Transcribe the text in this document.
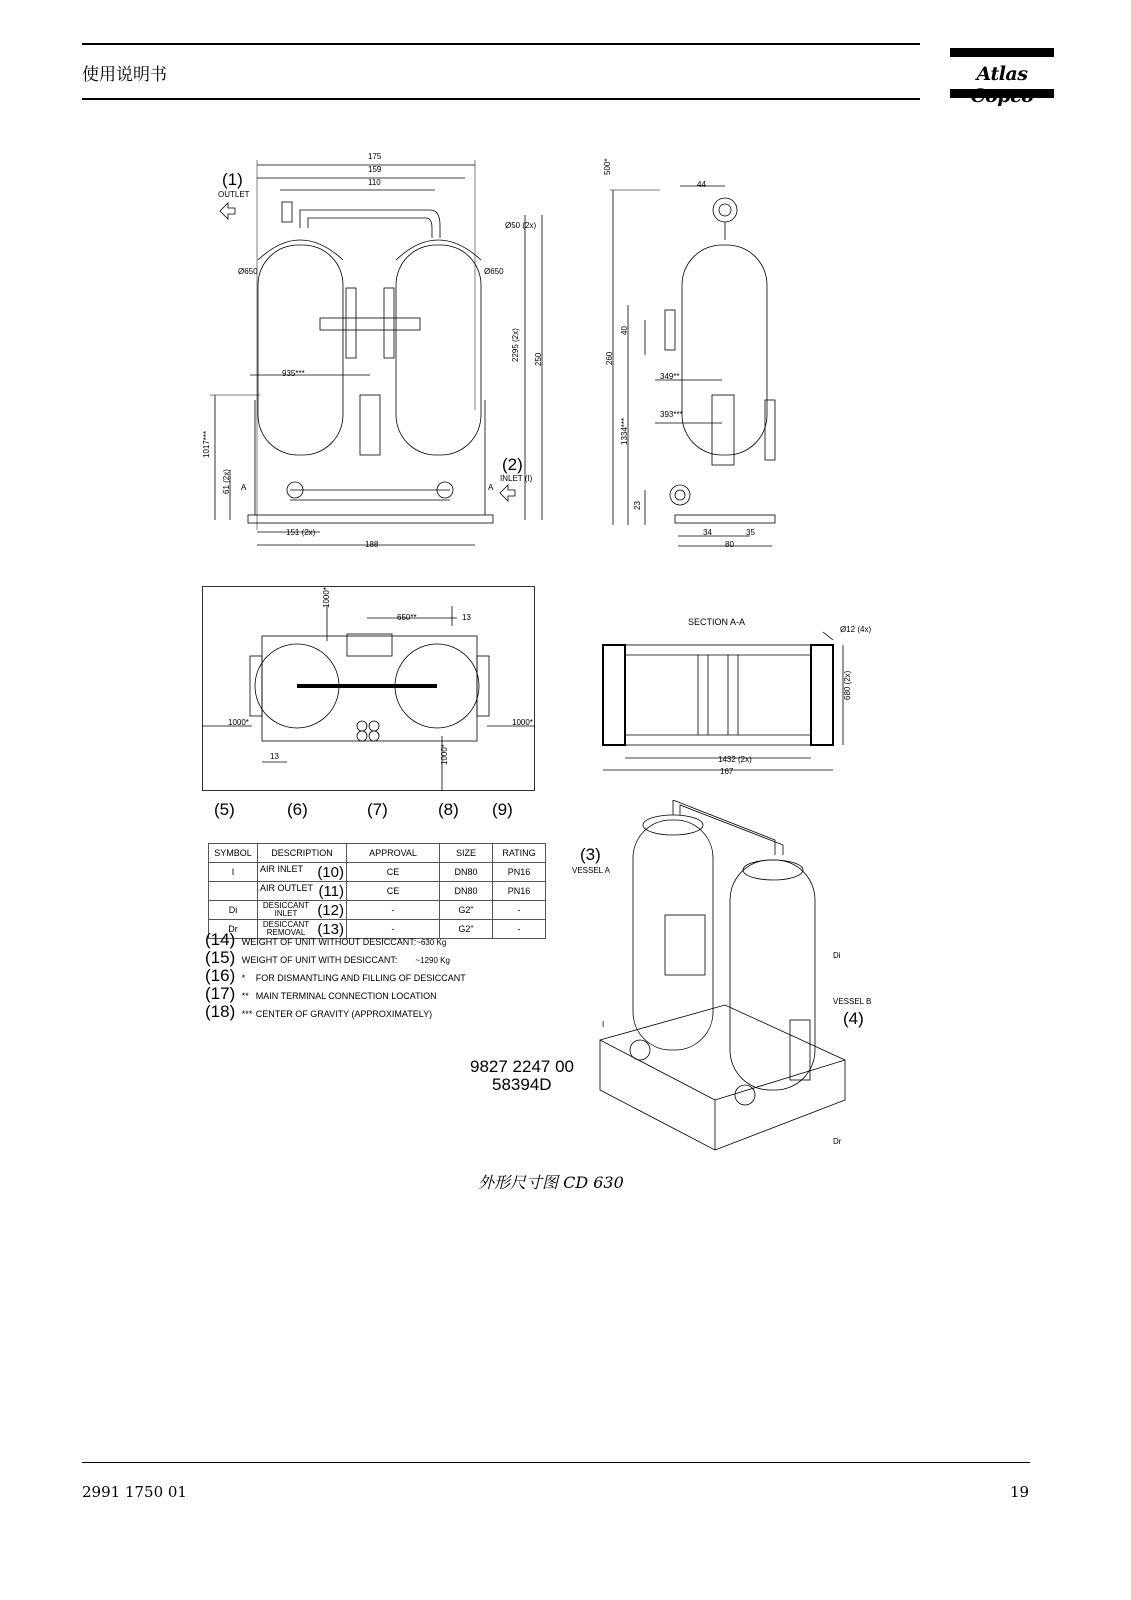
使用说明书	Atlas
(1)
OUTLET
(2)
INLET (I)
175
159
110
Ø50 (2x)
Ø650	Ø650
935***
2295 (2x) 250
1017***
61 (2x) A	A
151 (2x)
188
500*
44
40
260
349**
393***
1334***
23
34	35
80
1000*
650**	13
1000*	1000*
13	1000*
SECTION A-A
Ø12 (4x)
680 (2x)
1432 (2x)
167
(5)	(6)	(7)	(8) (9)
SYMBOL	DESCRIPTION	APPROVAL	SIZE	RATING
I	AIR INLET (10)	CE	DN80	PN16
	AIR OUTLET (11)	CE	DN80	PN16
Di	DESICCANT INLET (12)	-	G2"	-
Dr	DESICCANT REMOVAL (13)	-	G2"	-
(14) WEIGHT OF UNIT WITHOUT DESICCANT:~630 Kg
(15) WEIGHT OF UNIT WITH DESICCANT: ~1290 Kg
(16) * FOR DISMANTLING AND FILLING OF DESICCANT
(17) ** MAIN TERMINAL CONNECTION LOCATION
(18) *** CENTER OF GRAVITY (APPROXIMATELY)
(3)
VESSEL A
Di
VESSEL B
(4)
I
Dr
9827 2247 00
58394D
外形尺寸图 CD 630
2991 1750 01	19
